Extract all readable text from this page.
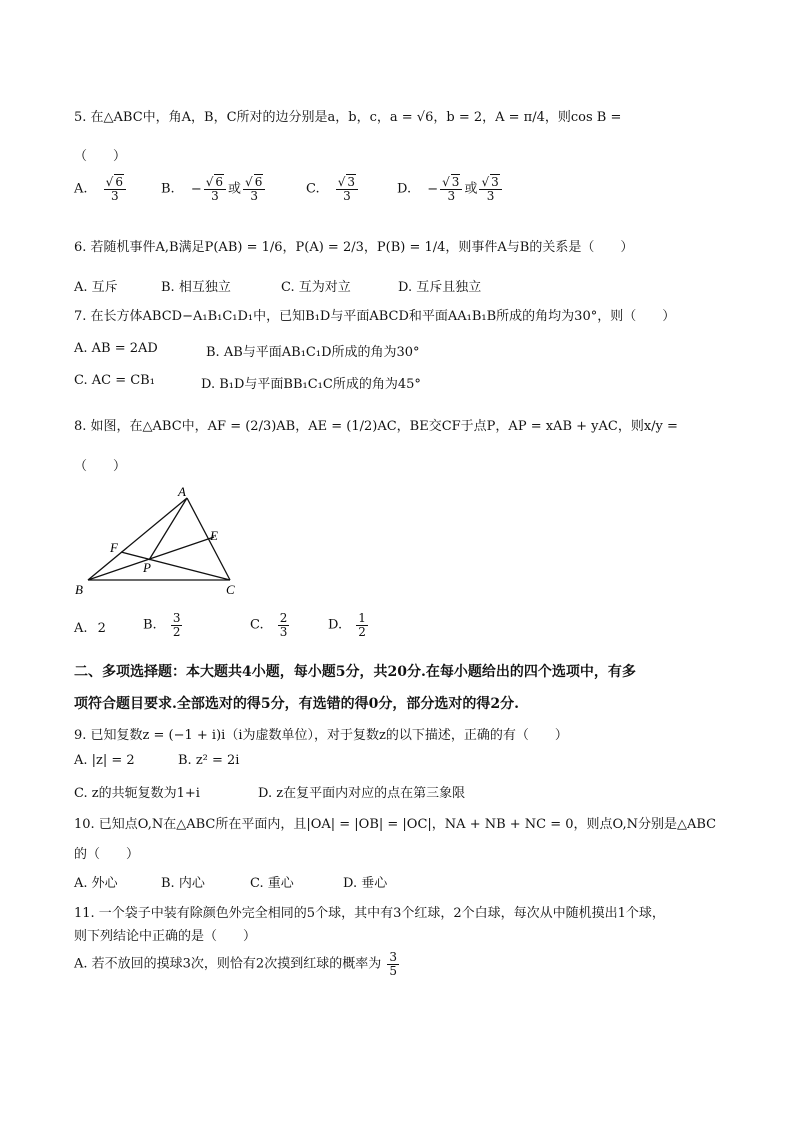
5. 在△ABC中，角A，B，C所对的边分别是a，b，c，a = √6，b = 2，A = π/4，则cos B =
（　　）
A. $\frac{√ 6}{3}$	B. − $\frac{√ 6}{3}$ 或 $\frac{√ 6}{3}$	C. $\frac{√ 3}{3}$	D. − $\frac{√ 3}{3}$ 或 $\frac{√ 3}{3}$
6. 若随机事件A,B满足P(AB) = 1/6，P(A) = 2/3，P(B) = 1/4，则事件A与B的关系是（　　）
A. 互斥	B. 相互独立	C. 互为对立	D. 互斥且独立
7. 在长方体ABCD−A₁B₁C₁D₁中，已知B₁D与平面ABCD和平面AA₁B₁B所成的角均为30°，则（　　）
A. AB = 2AD	B. AB与平面AB₁C₁D所成的角为30°
C. AC = CB₁	D. B₁D与平面BB₁C₁C所成的角为45°
8. 如图，在△ABC中，AF = (2/3)AB，AE = (1/2)AC，BE交CF于点P，AP = xAB + yAC，则x/y =
（　　）
A
B	C
E
F
P
A. 2	B. $\frac{3}{2}$	C. $\frac{2}{3}$	D. $\frac{1}{2}$
二、多项选择题：本大题共4小题，每小题5分，共20分.在每小题给出的四个选项中，有多
项符合题目要求.全部选对的得5分，有选错的得0分，部分选对的得2分.
9. 已知复数z = (−1 + i)i（i为虚数单位），对于复数z的以下描述，正确的有（　　）
A. |z| = 2	B. z² = 2i
C. z的共轭复数为1+i	D. z在复平面内对应的点在第三象限
10. 已知点O,N在△ABC所在平面内，且|OA| = |OB| = |OC|，NA + NB + NC = 0，则点O,N分别是△ABC
的（　　）
A. 外心	B. 内心	C. 重心	D. 垂心
11. 一个袋子中装有除颜色外完全相同的5个球，其中有3个红球，2个白球，每次从中随机摸出1个球，
则下列结论中正确的是（　　）
A. 若不放回的摸球3次，则恰有2次摸到红球的概率为 $\frac{3}{5}$
